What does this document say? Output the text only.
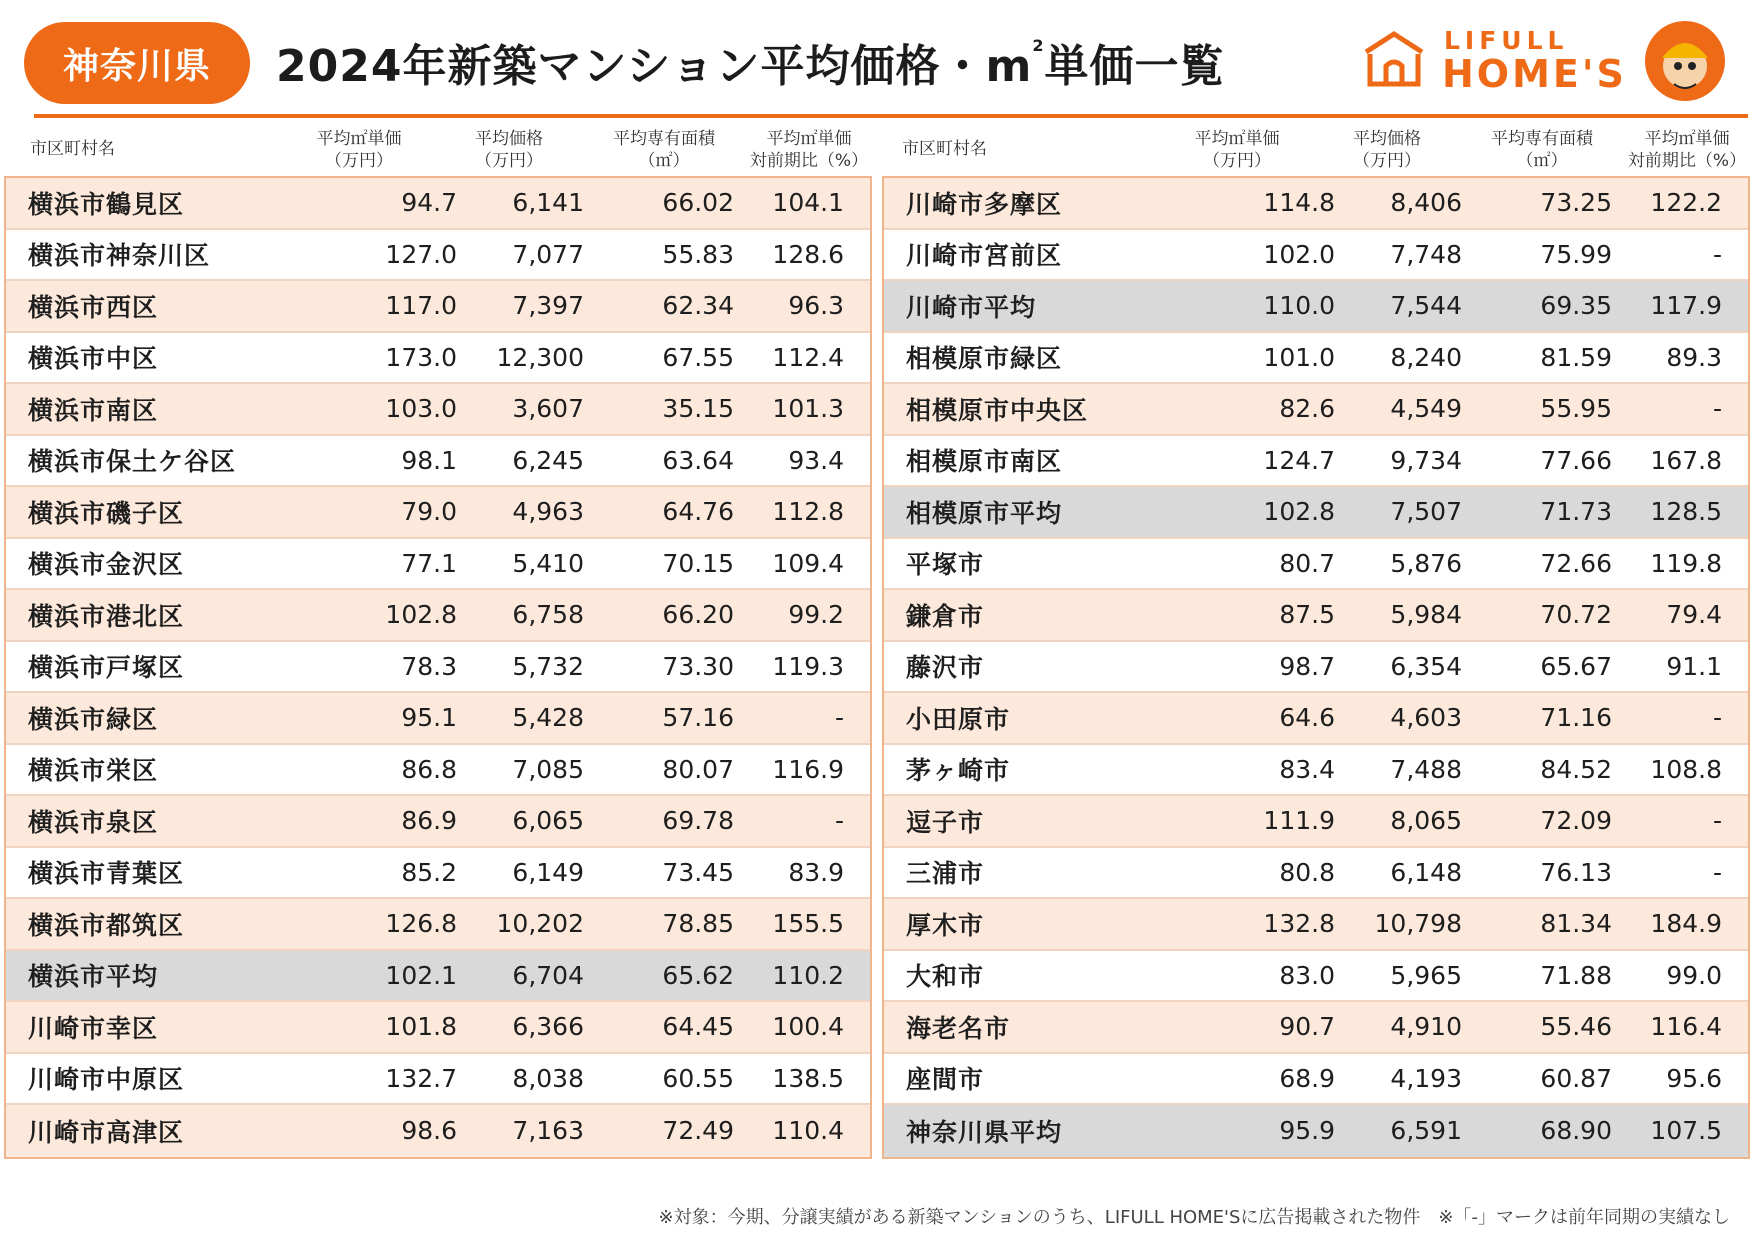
神奈川県	2024年新築マンション平均価格・$m^2$単価一覧
LIFULL
HOME'S
市区町村名	平均㎡単価
（万円）
平均価格
（万円）
平均専有面積
（㎡）
平均㎡単価
対前期比（%）
横浜市鶴見区	94.7 6,141	66.02 104.1
横浜市神奈川区	127.0 7,077	55.83 128.6
横浜市西区	117.0 7,397	62.34 96.3
横浜市中区	173.0 12,300	67.55 112.4
横浜市南区	103.0 3,607	35.15 101.3
横浜市保土ケ谷区	98.1 6,245	63.64 93.4
横浜市磯子区	79.0 4,963	64.76 112.8
横浜市金沢区	77.1 5,410	70.15 109.4
横浜市港北区	102.8 6,758	66.20 99.2
横浜市戸塚区	78.3 5,732	73.30 119.3
横浜市緑区	95.1 5,428	57.16	-
横浜市栄区	86.8 7,085	80.07 116.9
横浜市泉区	86.9 6,065	69.78	-
横浜市青葉区	85.2 6,149	73.45 83.9
横浜市都筑区	126.8 10,202	78.85 155.5
横浜市平均	102.1 6,704	65.62 110.2
川崎市幸区	101.8 6,366	64.45 100.4
川崎市中原区	132.7 8,038	60.55 138.5
川崎市高津区	98.6 7,163	72.49 110.4
市区町村名	平均㎡単価
（万円）
平均価格
（万円）
平均専有面積
（㎡）
平均㎡単価
対前期比（%）
川崎市多摩区	114.8 8,406	73.25 122.2
川崎市宮前区	102.0 7,748	75.99	-
川崎市平均	110.0 7,544	69.35 117.9
相模原市緑区	101.0 8,240	81.59 89.3
相模原市中央区	82.6 4,549	55.95	-
相模原市南区	124.7 9,734	77.66 167.8
相模原市平均	102.8 7,507	71.73 128.5
平塚市	80.7 5,876	72.66 119.8
鎌倉市	87.5 5,984	70.72 79.4
藤沢市	98.7 6,354	65.67 91.1
小田原市	64.6 4,603	71.16	-
茅ヶ崎市	83.4 7,488	84.52 108.8
逗子市	111.9 8,065	72.09	-
三浦市	80.8 6,148	76.13	-
厚木市	132.8 10,798	81.34 184.9
大和市	83.0 5,965	71.88 99.0
海老名市	90.7 4,910	55.46 116.4
座間市	68.9 4,193	60.87 95.6
神奈川県平均	95.9 6,591	68.90 107.5
※対象：今期、分譲実績がある新築マンションのうち、LIFULL HOME'Sに広告掲載された物件　※「-」マークは前年同期の実績なし
